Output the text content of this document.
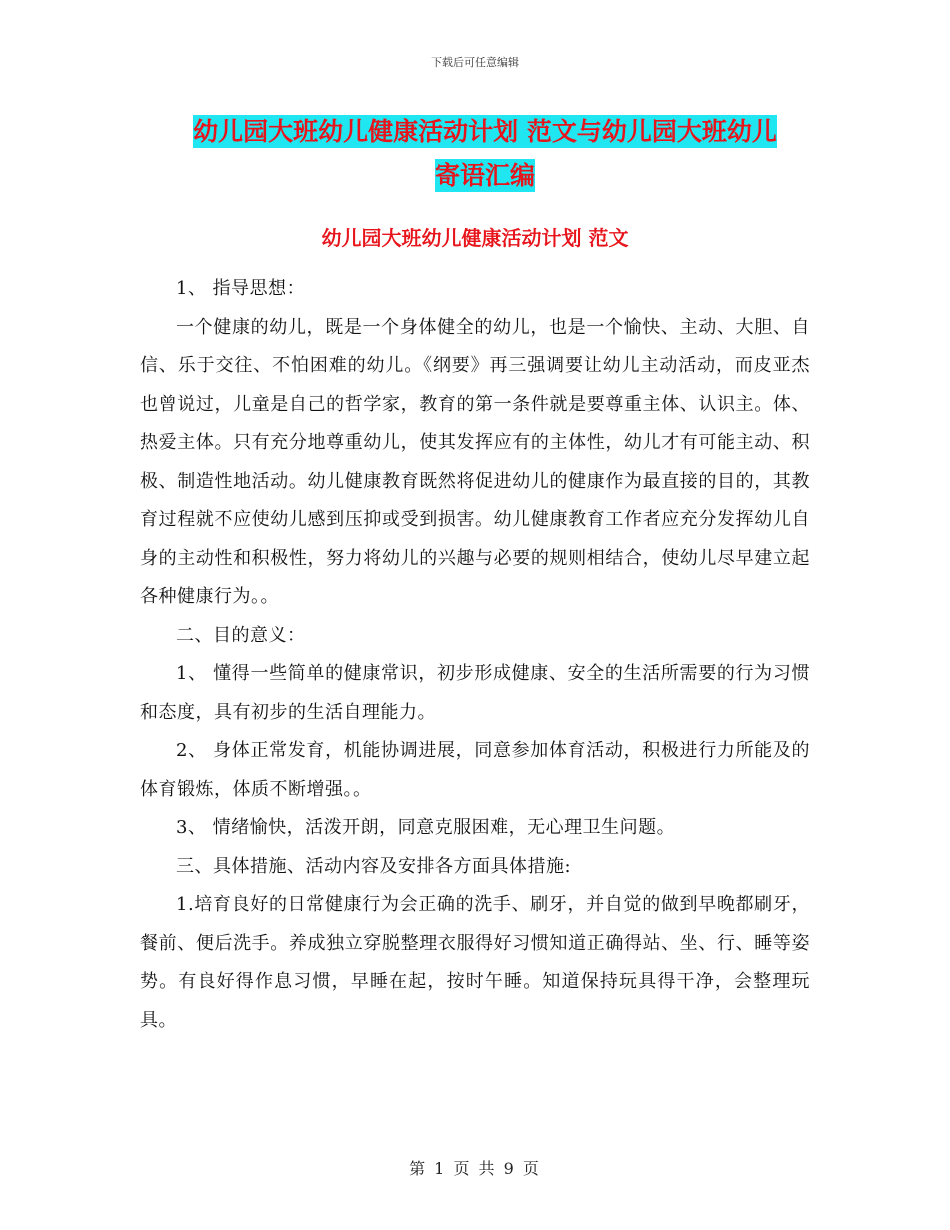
下载后可任意编辑
幼儿园大班幼儿健康活动计划 范文与幼儿园大班幼儿
寄语汇编
幼儿园大班幼儿健康活动计划 范文

1、 指导思想：

一个健康的幼儿，既是一个身体健全的幼儿，也是一个愉快、主动、大胆、自信、乐于交往、不怕困难的幼儿。《纲要》再三强调要让幼儿主动活动，而皮亚杰也曾说过，儿童是自己的哲学家，教育的第一条件就是要尊重主体、认识主。体、热爱主体。只有充分地尊重幼儿，使其发挥应有的主体性，幼儿才有可能主动、积极、制造性地活动。幼儿健康教育既然将促进幼儿的健康作为最直接的目的，其教育过程就不应使幼儿感到压抑或受到损害。幼儿健康教育工作者应充分发挥幼儿自身的主动性和积极性，努力将幼儿的兴趣与必要的规则相结合，使幼儿尽早建立起各种健康行为。。

二、目的意义：

1、 懂得一些简单的健康常识，初步形成健康、安全的生活所需要的行为习惯和态度，具有初步的生活自理能力。

2、 身体正常发育，机能协调进展，同意参加体育活动，积极进行力所能及的体育锻炼，体质不断增强。。

3、 情绪愉快，活泼开朗，同意克服困难，无心理卫生问题。

三、具体措施、活动内容及安排各方面具体措施:

1.培育良好的日常健康行为会正确的洗手、刷牙，并自觉的做到早晚都刷牙，餐前、便后洗手。养成独立穿脱整理衣服得好习惯知道正确得站、坐、行、睡等姿势。有良好得作息习惯，早睡在起，按时午睡。知道保持玩具得干净，会整理玩具。

第 1 页 共 9 页
